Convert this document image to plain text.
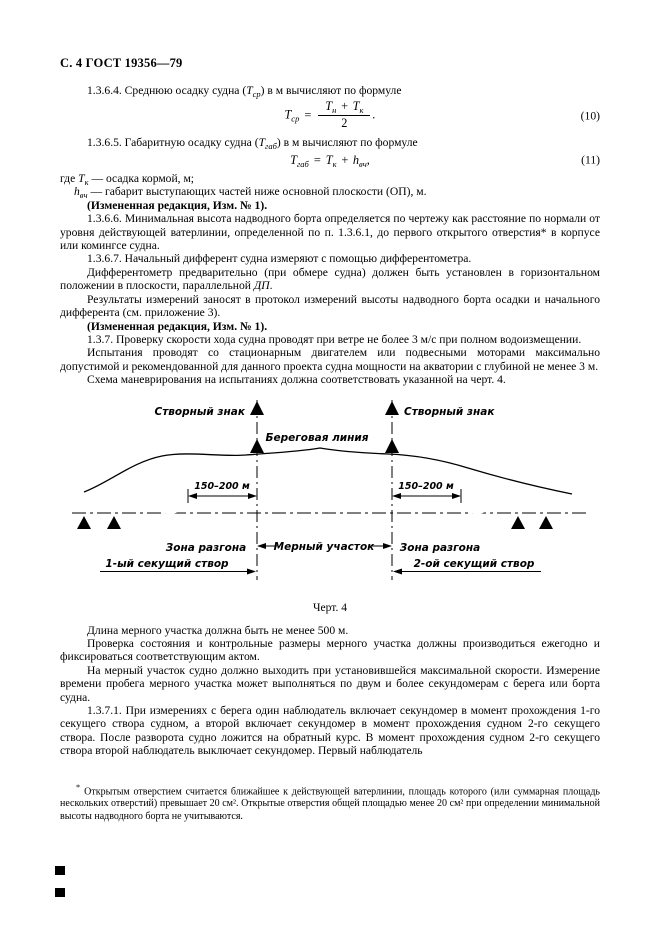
С. 4 ГОСТ 19356—79

1.3.6.4. Среднюю осадку судна $(Т_{ср})$ в м вычисляют по формуле

$Т_{ср} = \frac{Т_н + Т_к}{2}$ .	(10)

1.3.6.5. Габаритную осадку судна $(Т_{габ})$ в м вычисляют по формуле

$Т_{габ} = Т_к + h_{вч}$,	(11)

где $Т_к$ — осадка кормой, м;

$h_{вч}$ — габарит выступающих частей ниже основной плоскости (ОП), м.

(Измененная редакция, Изм. № 1).

1.3.6.6. Минимальная высота надводного борта определяется по чертежу как расстояние по нормали от уровня действующей ватерлинии, определенной по п. 1.3.6.1, до первого открытого отверстия* в корпусе или комингсе судна.

1.3.6.7. Начальный дифферент судна измеряют с помощью дифферентометра.

Дифферентометр предварительно (при обмере судна) должен быть установлен в горизонтальном положении в плоскости, параллельной ДП.

Результаты измерений заносят в протокол измерений высоты надводного борта осадки и начального дифферента (см. приложение 3).

(Измененная редакция, Изм. № 1).

1.3.7. Проверку скорости хода судна проводят при ветре не более 3 м/с при полном водоизмещении.

Испытания проводят со стационарным двигателем или подвесными моторами максимально допустимой и рекомендованной для данного проекта судна мощности на акватории с глубиной не менее 3 м.

Схема маневрирования на испытаниях должна соответствовать указанной на черт. 4.

150–200 м	150–200 м
Мерный участок
Зона разгона	Зона разгона
Створный знак	Створный знак
Береговая линия
1-ый секущий створ	2-ой секущий створ
Черт. 4

Длина мерного участка должна быть не менее 500 м.

Проверка состояния и контрольные размеры мерного участка должны производиться ежегодно и фиксироваться соответствующим актом.

На мерный участок судно должно выходить при установившейся максимальной скорости. Измерение времени пробега мерного участка может выполняться по двум и более секундомерам с берега или борта судна.

1.3.7.1. При измерениях с берега один наблюдатель включает секундомер в момент прохождения 1-го секущего створа судном, а второй включает секундомер в момент прохождения судном 2-го секущего створа. После разворота судно ложится на обратный курс. В момент прохождения судном 2-го секущего створа второй наблюдатель выключает секундомер. Первый наблюдатель

* Открытым отверстием считается ближайшее к действующей ватерлинии, площадь которого (или суммарная площадь нескольких отверстий) превышает 20 см². Открытые отверстия общей площадью менее 20 см² при определении минимальной высоты надводного борта не учитываются.
